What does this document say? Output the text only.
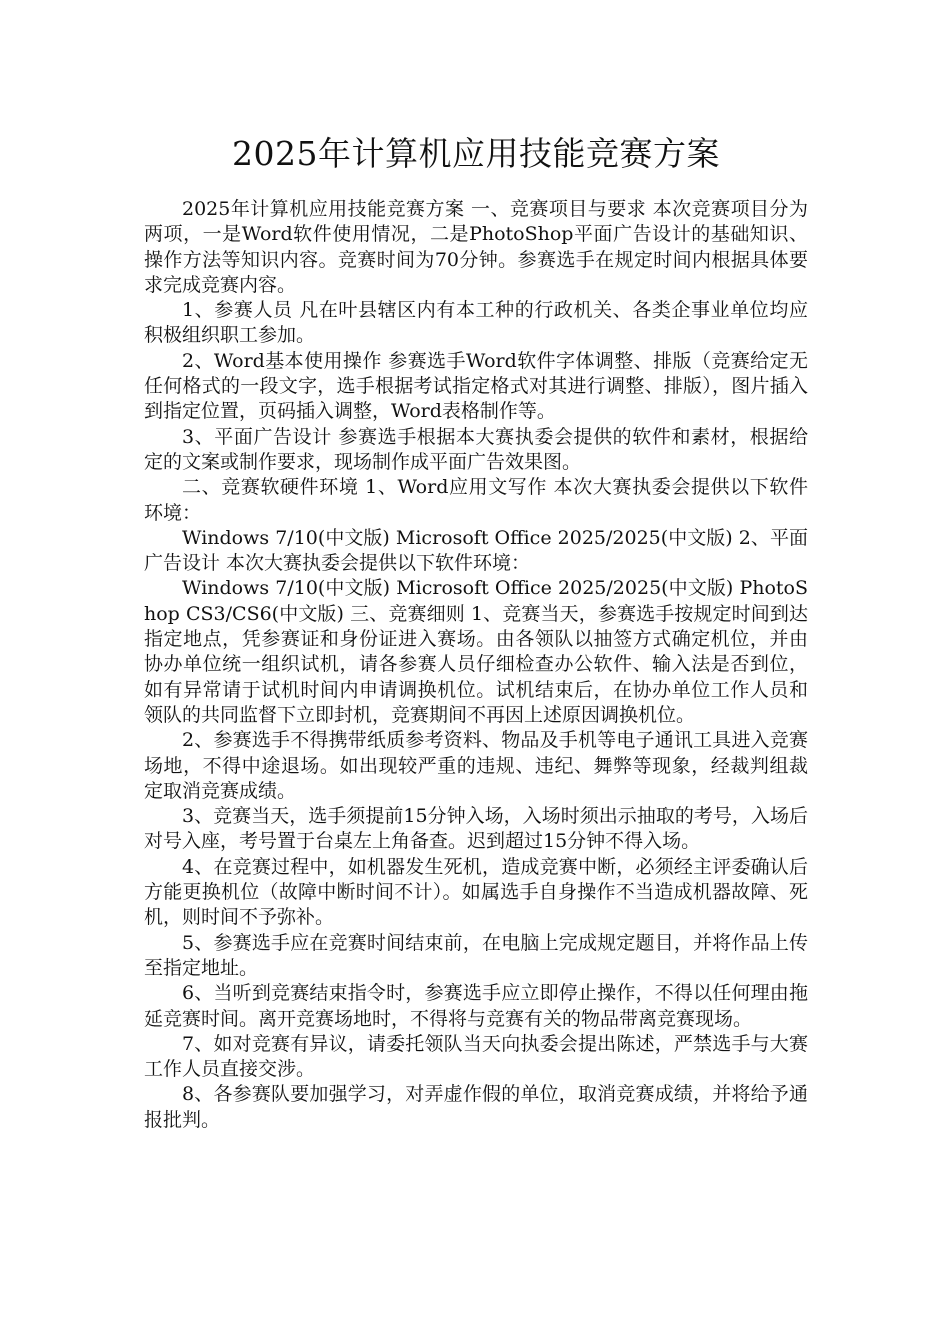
2025年计算机应用技能竞赛方案

2025年计算机应用技能竞赛方案 一、竞赛项目与要求 本次竞赛项目分为两项，一是Word软件使用情况，二是PhotoShop平面广告设计的基础知识、操作方法等知识内容。竞赛时间为70分钟。参赛选手在规定时间内根据具体要求完成竞赛内容。

1、参赛人员 凡在叶县辖区内有本工种的行政机关、各类企事业单位均应积极组织职工参加。

2、Word基本使用操作 参赛选手Word软件字体调整、排版（竞赛给定无任何格式的一段文字，选手根据考试指定格式对其进行调整、排版），图片插入到指定位置，页码插入调整，Word表格制作等。

3、平面广告设计 参赛选手根据本大赛执委会提供的软件和素材，根据给定的文案或制作要求，现场制作成平面广告效果图。

二、竞赛软硬件环境 1、Word应用文写作 本次大赛执委会提供以下软件环境：

Windows 7/10(中文版) Microsoft Office 2025/2025(中文版) 2、平面广告设计 本次大赛执委会提供以下软件环境：

Windows 7/10(中文版) Microsoft Office 2025/2025(中文版) PhotoShop CS3/CS6(中文版) 三、竞赛细则 1、竞赛当天，参赛选手按规定时间到达指定地点，凭参赛证和身份证进入赛场。由各领队以抽签方式确定机位，并由协办单位统一组织试机，请各参赛人员仔细检查办公软件、输入法是否到位，如有异常请于试机时间内申请调换机位。试机结束后，在协办单位工作人员和领队的共同监督下立即封机，竞赛期间不再因上述原因调换机位。

2、参赛选手不得携带纸质参考资料、物品及手机等电子通讯工具进入竞赛场地，不得中途退场。如出现较严重的违规、违纪、舞弊等现象，经裁判组裁定取消竞赛成绩。

3、竞赛当天，选手须提前15分钟入场，入场时须出示抽取的考号，入场后对号入座，考号置于台桌左上角备查。迟到超过15分钟不得入场。

4、在竞赛过程中，如机器发生死机，造成竞赛中断，必须经主评委确认后方能更换机位（故障中断时间不计）。如属选手自身操作不当造成机器故障、死机，则时间不予弥补。

5、参赛选手应在竞赛时间结束前，在电脑上完成规定题目，并将作品上传至指定地址。

6、当听到竞赛结束指令时，参赛选手应立即停止操作，不得以任何理由拖延竞赛时间。离开竞赛场地时，不得将与竞赛有关的物品带离竞赛现场。

7、如对竞赛有异议，请委托领队当天向执委会提出陈述，严禁选手与大赛工作人员直接交涉。

8、各参赛队要加强学习，对弄虚作假的单位，取消竞赛成绩，并将给予通报批判。
